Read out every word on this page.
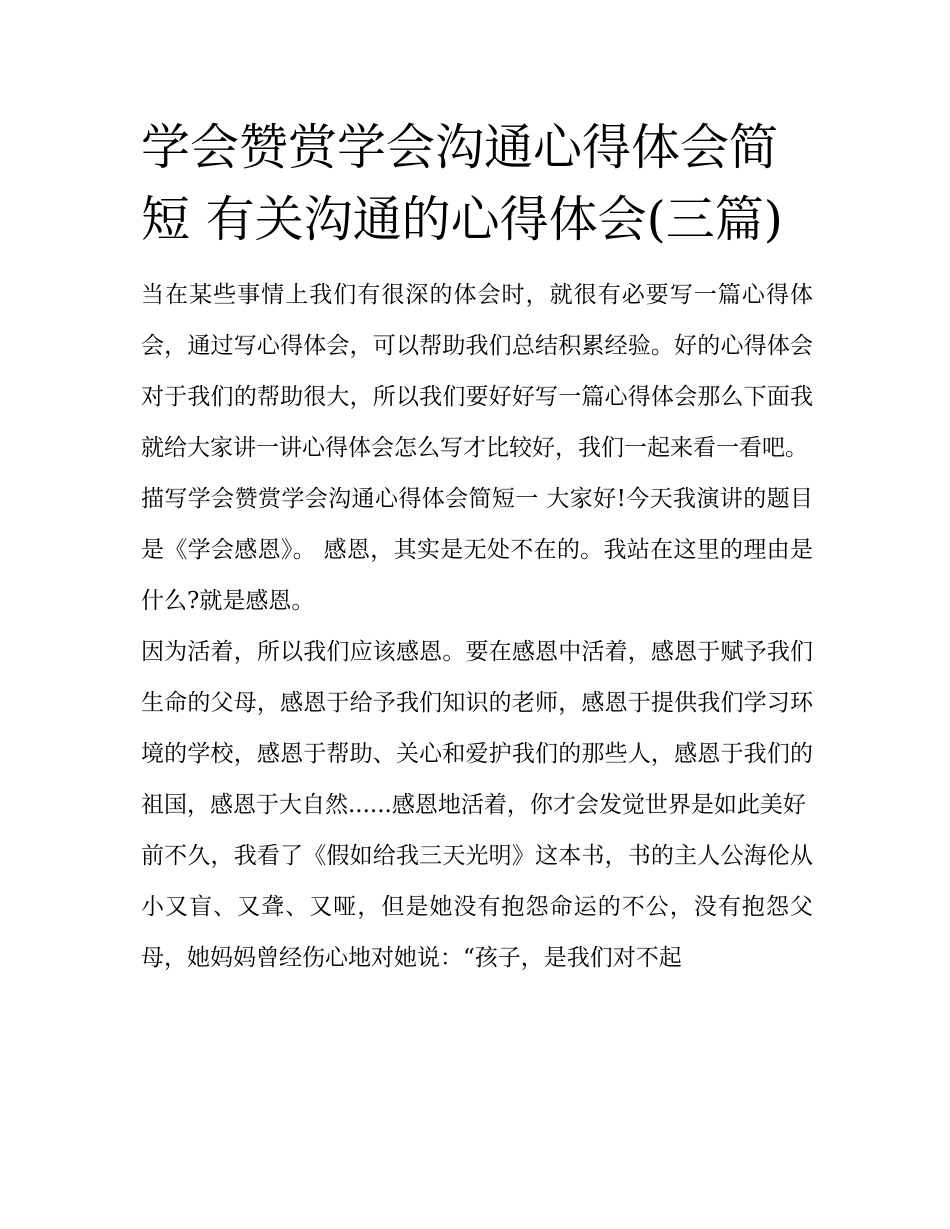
学会赞赏学会沟通心得体会简短 有关沟通的心得体会(三篇)

当在某些事情上我们有很深的体会时，就很有必要写一篇心得体会，通过写心得体会，可以帮助我们总结积累经验。好的心得体会对于我们的帮助很大，所以我们要好好写一篇心得体会那么下面我就给大家讲一讲心得体会怎么写才比较好，我们一起来看一看吧。

描写学会赞赏学会沟通心得体会简短一 大家好!今天我演讲的题目是《学会感恩》。 感恩，其实是无处不在的。我站在这里的理由是什么?就是感恩。

因为活着，所以我们应该感恩。要在感恩中活着，感恩于赋予我们生命的父母，感恩于给予我们知识的老师，感恩于提供我们学习环境的学校，感恩于帮助、关心和爱护我们的那些人，感恩于我们的祖国，感恩于大自然......感恩地活着，你才会发觉世界是如此美好

前不久，我看了《假如给我三天光明》这本书，书的主人公海伦从小又盲、又聋、又哑，但是她没有抱怨命运的不公，没有抱怨父母，她妈妈曾经伤心地对她说：“孩子，是我们对不起
